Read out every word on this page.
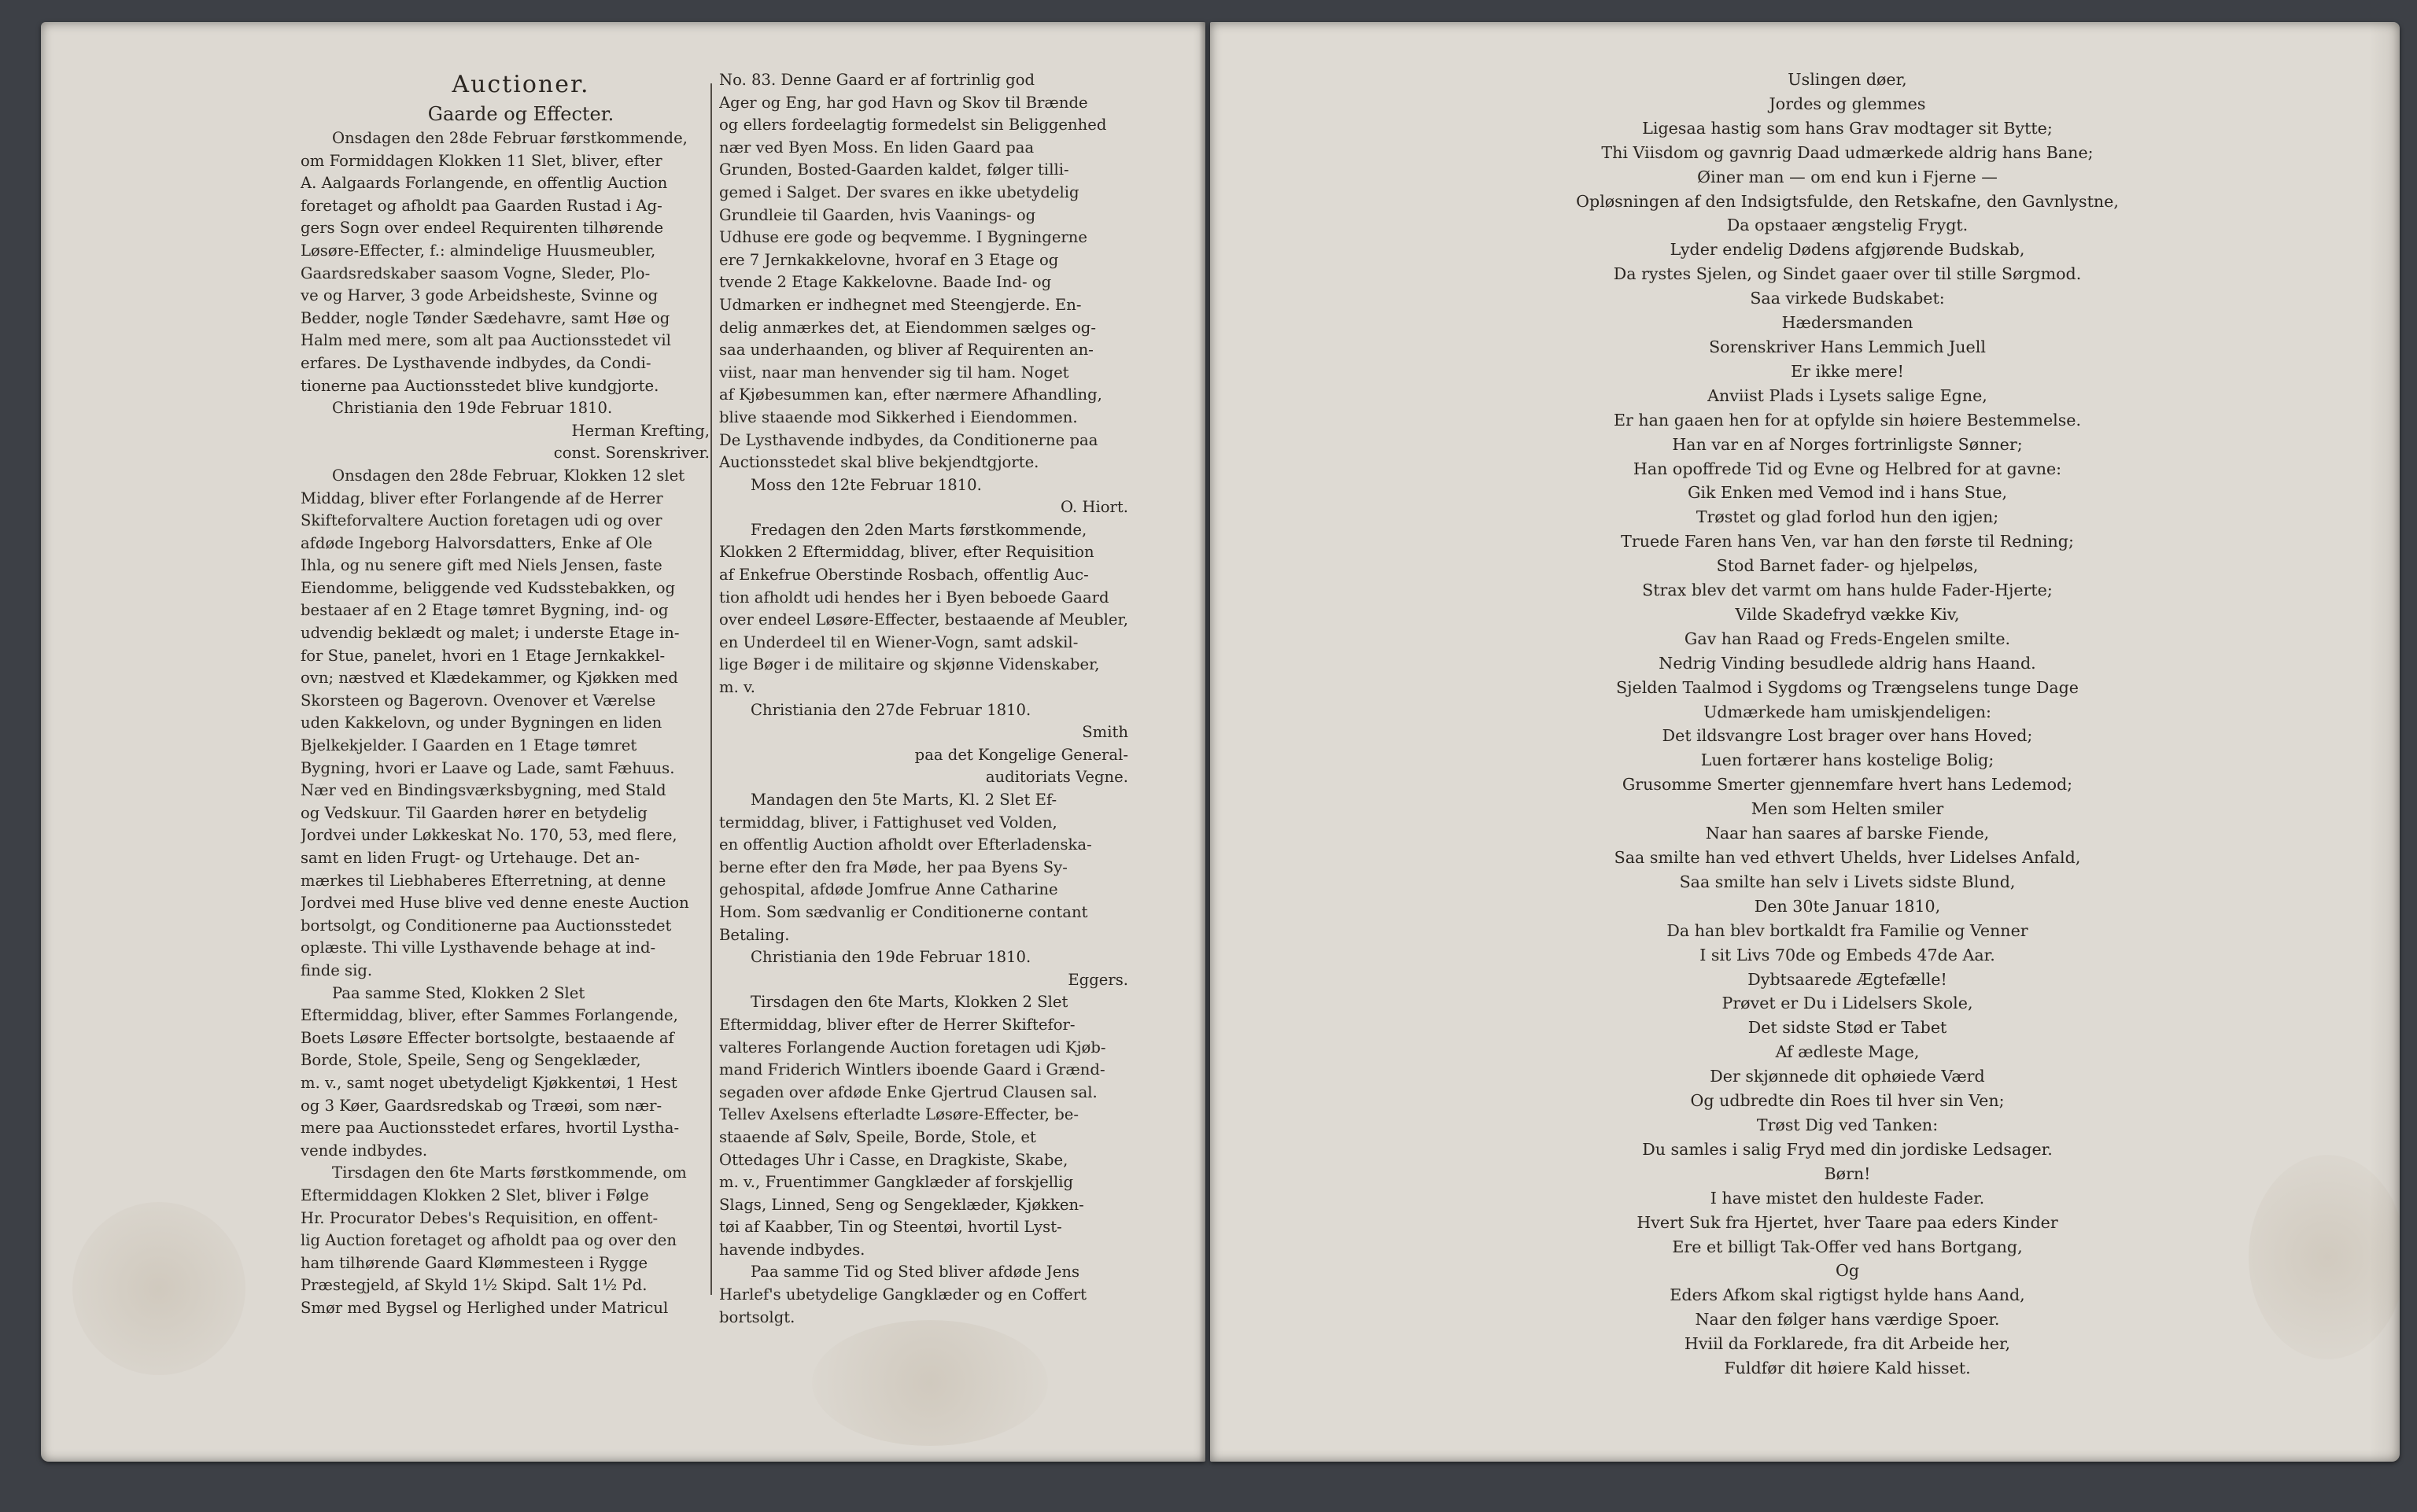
Auctioner.
Gaarde og Effecter.
Onsdagen den 28de Februar førstkommende,
om Formiddagen Klokken 11 Slet, bliver, efter
A. Aalgaards Forlangende, en offentlig Auction
foretaget og afholdt paa Gaarden Rustad i Ag-
gers Sogn over endeel Requirenten tilhørende
Løsøre-Effecter, f.: almindelige Huusmeubler,
Gaardsredskaber saasom Vogne, Sleder, Plo-
ve og Harver, 3 gode Arbeidsheste, Svinne og
Bedder, nogle Tønder Sædehavre, samt Høe og
Halm med mere, som alt paa Auctionsstedet vil
erfares. De Lysthavende indbydes, da Condi-
tionerne paa Auctionsstedet blive kundgjorte.
Christiania den 19de Februar 1810.
Herman Krefting,
const. Sorenskriver.
Onsdagen den 28de Februar, Klokken 12 slet
Middag, bliver efter Forlangende af de Herrer
Skifteforvaltere Auction foretagen udi og over
afdøde Ingeborg Halvorsdatters, Enke af Ole
Ihla, og nu senere gift med Niels Jensen, faste
Eiendomme, beliggende ved Kudsstebakken, og
bestaaer af en 2 Etage tømret Bygning, ind- og
udvendig beklædt og malet; i underste Etage in-
for Stue, panelet, hvori en 1 Etage Jernkakkel-
ovn; næstved et Klædekammer, og Kjøkken med
Skorsteen og Bagerovn. Ovenover et Værelse
uden Kakkelovn, og under Bygningen en liden
Bjelkekjelder. I Gaarden en 1 Etage tømret
Bygning, hvori er Laave og Lade, samt Fæhuus.
Nær ved en Bindingsværksbygning, med Stald
og Vedskuur. Til Gaarden hører en betydelig
Jordvei under Løkkeskat No. 170, 53, med flere,
samt en liden Frugt- og Urtehauge. Det an-
mærkes til Liebhaberes Efterretning, at denne
Jordvei med Huse blive ved denne eneste Auction
bortsolgt, og Conditionerne paa Auctionsstedet
oplæste. Thi ville Lysthavende behage at ind-
finde sig.
Paa samme Sted, Klokken 2 Slet
Eftermiddag, bliver, efter Sammes Forlangende,
Boets Løsøre Effecter bortsolgte, bestaaende af
Borde, Stole, Speile, Seng og Sengeklæder,
m. v., samt noget ubetydeligt Kjøkkentøi, 1 Hest
og 3 Køer, Gaardsredskab og Træøi, som nær-
mere paa Auctionsstedet erfares, hvortil Lystha-
vende indbydes.
Tirsdagen den 6te Marts førstkommende, om
Eftermiddagen Klokken 2 Slet, bliver i Følge
Hr. Procurator Debes's Requisition, en offent-
lig Auction foretaget og afholdt paa og over den
ham tilhørende Gaard Klømmesteen i Rygge
Præstegjeld, af Skyld 1½ Skipd. Salt 1½ Pd.
Smør med Bygsel og Herlighed under Matricul
No. 83. Denne Gaard er af fortrinlig god
Ager og Eng, har god Havn og Skov til Brænde
og ellers fordeelagtig formedelst sin Beliggenhed
nær ved Byen Moss. En liden Gaard paa
Grunden, Bosted-Gaarden kaldet, følger tilli-
gemed i Salget. Der svares en ikke ubetydelig
Grundleie til Gaarden, hvis Vaanings- og
Udhuse ere gode og beqvemme. I Bygningerne
ere 7 Jernkakkelovne, hvoraf en 3 Etage og
tvende 2 Etage Kakkelovne. Baade Ind- og
Udmarken er indhegnet med Steengjerde. En-
delig anmærkes det, at Eiendommen sælges og-
saa underhaanden, og bliver af Requirenten an-
viist, naar man henvender sig til ham. Noget
af Kjøbesummen kan, efter nærmere Afhandling,
blive staaende mod Sikkerhed i Eiendommen.
De Lysthavende indbydes, da Conditionerne paa
Auctionsstedet skal blive bekjendtgjorte.
Moss den 12te Februar 1810.
O. Hiort.
Fredagen den 2den Marts førstkommende,
Klokken 2 Eftermiddag, bliver, efter Requisition
af Enkefrue Oberstinde Rosbach, offentlig Auc-
tion afholdt udi hendes her i Byen beboede Gaard
over endeel Løsøre-Effecter, bestaaende af Meubler,
en Underdeel til en Wiener-Vogn, samt adskil-
lige Bøger i de militaire og skjønne Videnskaber,
m. v.
Christiania den 27de Februar 1810.
Smith
paa det Kongelige General-
auditoriats Vegne.
Mandagen den 5te Marts, Kl. 2 Slet Ef-
termiddag, bliver, i Fattighuset ved Volden,
en offentlig Auction afholdt over Efterladenska-
berne efter den fra Møde, her paa Byens Sy-
gehospital, afdøde Jomfrue Anne Catharine
Hom. Som sædvanlig er Conditionerne contant
Betaling.
Christiania den 19de Februar 1810.
Eggers.
Tirsdagen den 6te Marts, Klokken 2 Slet
Eftermiddag, bliver efter de Herrer Skiftefor-
valteres Forlangende Auction foretagen udi Kjøb-
mand Friderich Wintlers iboende Gaard i Grænd-
segaden over afdøde Enke Gjertrud Clausen sal.
Tellev Axelsens efterladte Løsøre-Effecter, be-
staaende af Sølv, Speile, Borde, Stole, et
Ottedages Uhr i Casse, en Dragkiste, Skabe,
m. v., Fruentimmer Gangklæder af forskjellig
Slags, Linned, Seng og Sengeklæder, Kjøkken-
tøi af Kaabber, Tin og Steentøi, hvortil Lyst-
havende indbydes.
Paa samme Tid og Sted bliver afdøde Jens
Harlef's ubetydelige Gangklæder og en Coffert
bortsolgt.
Uslingen døer,
Jordes og glemmes
Ligesaa hastig som hans Grav modtager sit Bytte;
Thi Viisdom og gavnrig Daad udmærkede aldrig hans Bane;
Øiner man — om end kun i Fjerne —
Opløsningen af den Indsigtsfulde, den Retskafne, den Gavnlystne,
Da opstaaer ængstelig Frygt.
Lyder endelig Dødens afgjørende Budskab,
Da rystes Sjelen, og Sindet gaaer over til stille Sørgmod.
Saa virkede Budskabet:
Hædersmanden
Sorenskriver Hans Lemmich Juell
Er ikke mere!
Anviist Plads i Lysets salige Egne,
Er han gaaen hen for at opfylde sin høiere Bestemmelse.
Han var en af Norges fortrinligste Sønner;
Han opoffrede Tid og Evne og Helbred for at gavne:
Gik Enken med Vemod ind i hans Stue,
Trøstet og glad forlod hun den igjen;
Truede Faren hans Ven, var han den første til Redning;
Stod Barnet fader- og hjelpeløs,
Strax blev det varmt om hans hulde Fader-Hjerte;
Vilde Skadefryd vække Kiv,
Gav han Raad og Freds-Engelen smilte.
Nedrig Vinding besudlede aldrig hans Haand.
Sjelden Taalmod i Sygdoms og Trængselens tunge Dage
Udmærkede ham umiskjendeligen:
Det ildsvangre Lost brager over hans Hoved;
Luen fortærer hans kostelige Bolig;
Grusomme Smerter gjennemfare hvert hans Ledemod;
Men som Helten smiler
Naar han saares af barske Fiende,
Saa smilte han ved ethvert Uhelds, hver Lidelses Anfald,
Saa smilte han selv i Livets sidste Blund,
Den 30te Januar 1810,
Da han blev bortkaldt fra Familie og Venner
I sit Livs 70de og Embeds 47de Aar.
Dybtsaarede Ægtefælle!
Prøvet er Du i Lidelsers Skole,
Det sidste Stød er Tabet
Af ædleste Mage,
Der skjønnede dit ophøiede Værd
Og udbredte din Roes til hver sin Ven;
Trøst Dig ved Tanken:
Du samles i salig Fryd med din jordiske Ledsager.
Børn!
I have mistet den huldeste Fader.
Hvert Suk fra Hjertet, hver Taare paa eders Kinder
Ere et billigt Tak-Offer ved hans Bortgang,
Og
Eders Afkom skal rigtigst hylde hans Aand,
Naar den følger hans værdige Spoer.
Hviil da Forklarede, fra dit Arbeide her,
Fuldfør dit høiere Kald hisset.
